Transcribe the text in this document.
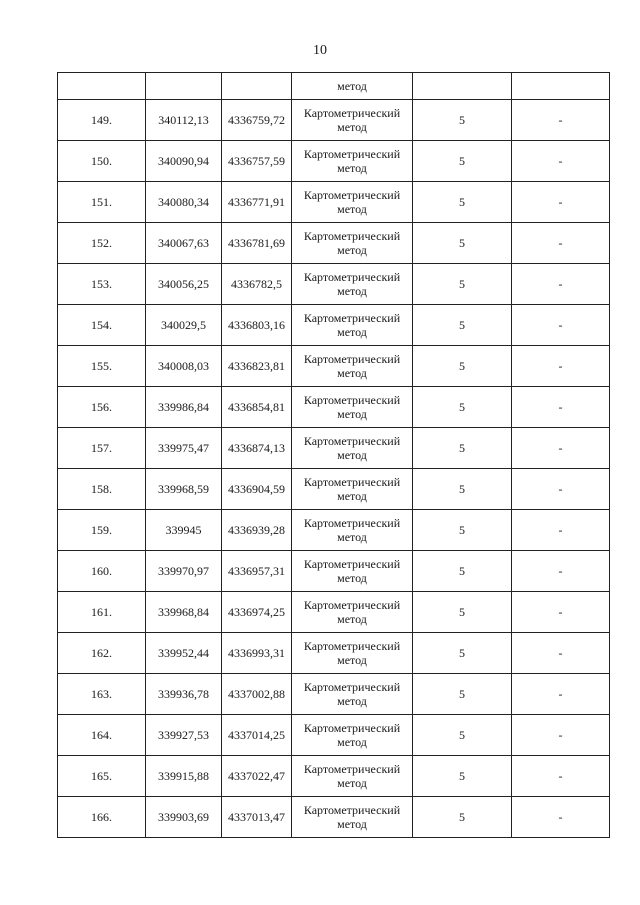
10
			метод		
149.	340112,13	4336759,72	Картометрический метод	5	-
150.	340090,94	4336757,59	Картометрический метод	5	-
151.	340080,34	4336771,91	Картометрический метод	5	-
152.	340067,63	4336781,69	Картометрический метод	5	-
153.	340056,25	4336782,5	Картометрический метод	5	-
154.	340029,5	4336803,16	Картометрический метод	5	-
155.	340008,03	4336823,81	Картометрический метод	5	-
156.	339986,84	4336854,81	Картометрический метод	5	-
157.	339975,47	4336874,13	Картометрический метод	5	-
158.	339968,59	4336904,59	Картометрический метод	5	-
159.	339945	4336939,28	Картометрический метод	5	-
160.	339970,97	4336957,31	Картометрический метод	5	-
161.	339968,84	4336974,25	Картометрический метод	5	-
162.	339952,44	4336993,31	Картометрический метод	5	-
163.	339936,78	4337002,88	Картометрический метод	5	-
164.	339927,53	4337014,25	Картометрический метод	5	-
165.	339915,88	4337022,47	Картометрический метод	5	-
166.	339903,69	4337013,47	Картометрический метод	5	-
